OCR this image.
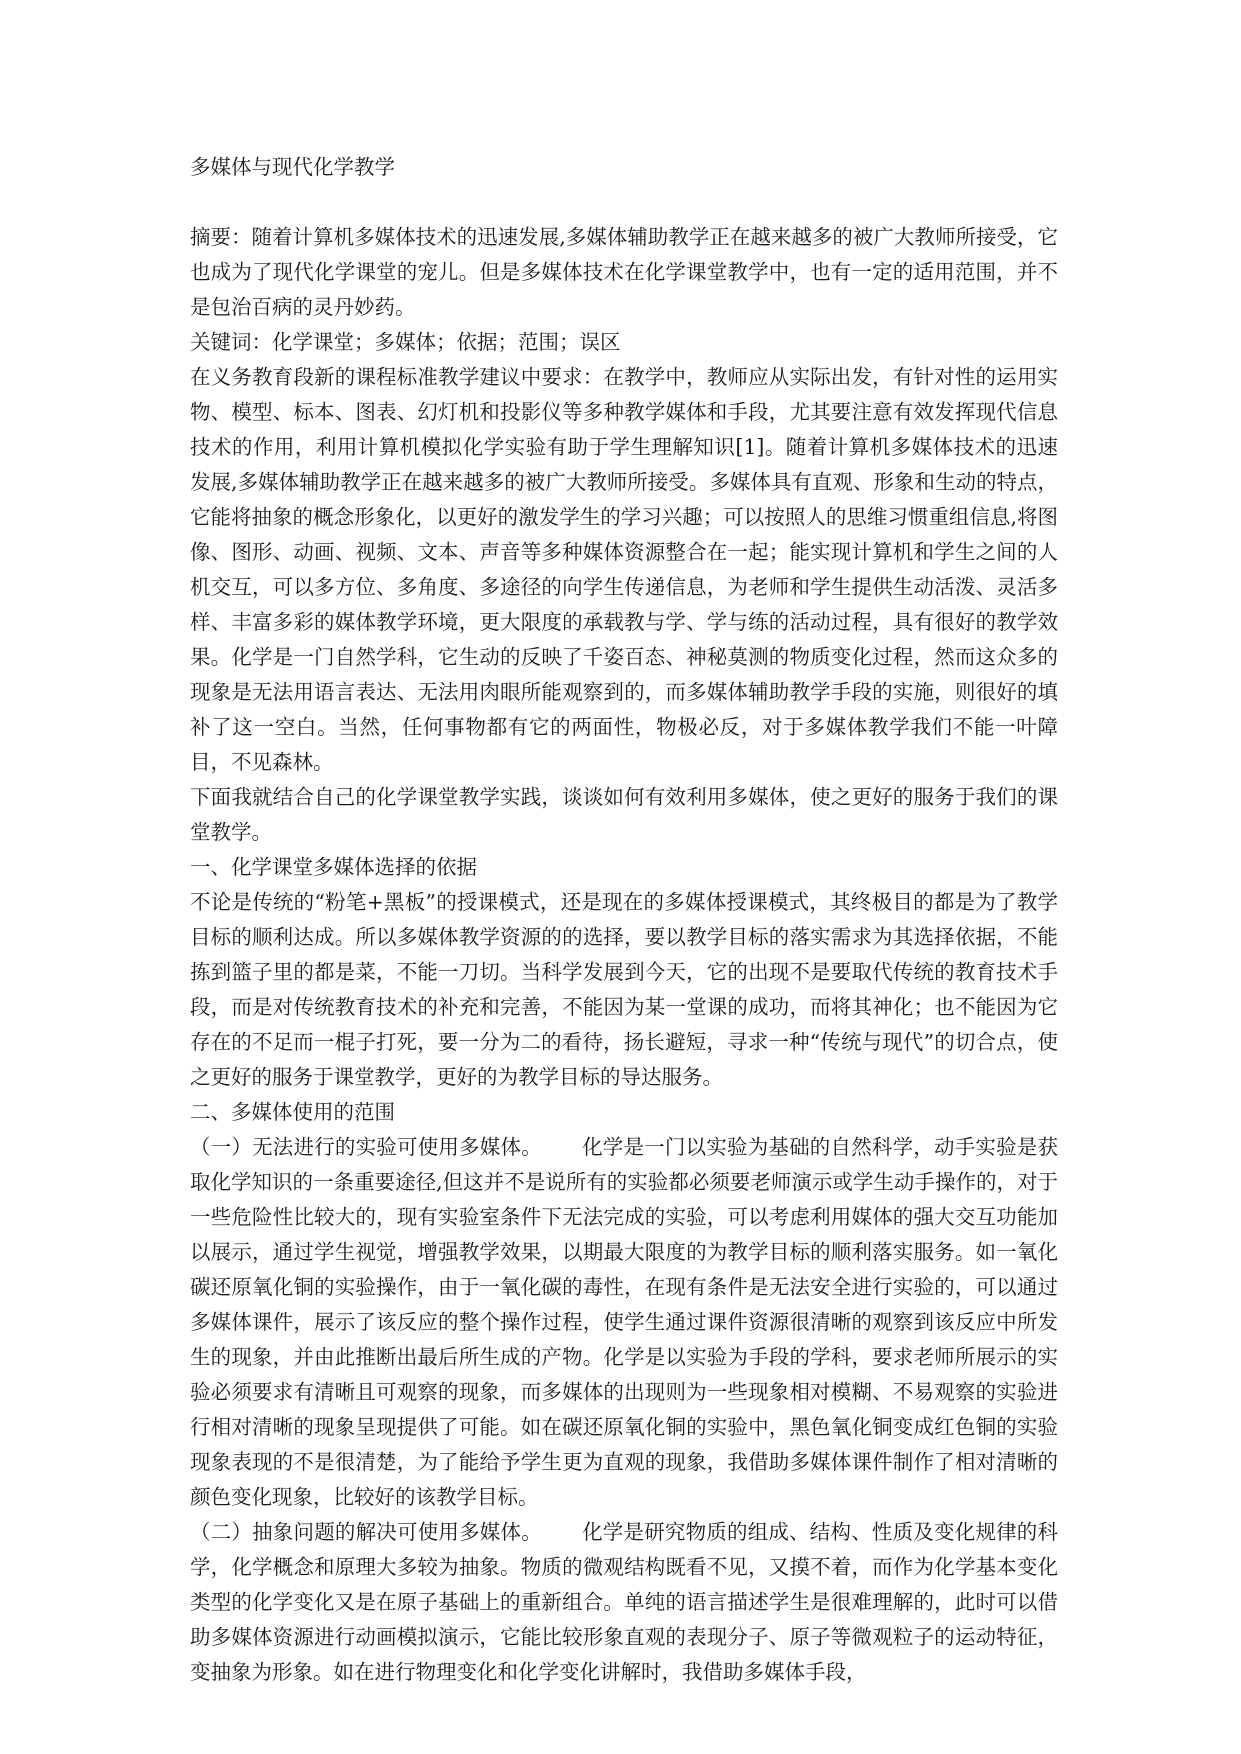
多媒体与现代化学教学

摘要：随着计算机多媒体技术的迅速发展,多媒体辅助教学正在越来越多的被广大教师所接受，它也成为了现代化学课堂的宠儿。但是多媒体技术在化学课堂教学中，也有一定的适用范围，并不是包治百病的灵丹妙药。

关键词：化学课堂；多媒体；依据；范围；误区

在义务教育段新的课程标准教学建议中要求：在教学中，教师应从实际出发，有针对性的运用实物、模型、标本、图表、幻灯机和投影仪等多种教学媒体和手段，尤其要注意有效发挥现代信息技术的作用，利用计算机模拟化学实验有助于学生理解知识[1]。随着计算机多媒体技术的迅速发展,多媒体辅助教学正在越来越多的被广大教师所接受。多媒体具有直观、形象和生动的特点，它能将抽象的概念形象化，以更好的激发学生的学习兴趣；可以按照人的思维习惯重组信息,将图像、图形、动画、视频、文本、声音等多种媒体资源整合在一起；能实现计算机和学生之间的人机交互，可以多方位、多角度、多途径的向学生传递信息，为老师和学生提供生动活泼、灵活多样、丰富多彩的媒体教学环境，更大限度的承载教与学、学与练的活动过程，具有很好的教学效果。化学是一门自然学科，它生动的反映了千姿百态、神秘莫测的物质变化过程，然而这众多的现象是无法用语言表达、无法用肉眼所能观察到的，而多媒体辅助教学手段的实施，则很好的填补了这一空白。当然，任何事物都有它的两面性，物极必反，对于多媒体教学我们不能一叶障目，不见森林。

下面我就结合自己的化学课堂教学实践，谈谈如何有效利用多媒体，使之更好的服务于我们的课堂教学。

一、化学课堂多媒体选择的依据

不论是传统的“粉笔+黑板”的授课模式，还是现在的多媒体授课模式，其终极目的都是为了教学目标的顺利达成。所以多媒体教学资源的的选择，要以教学目标的落实需求为其选择依据，不能拣到篮子里的都是菜，不能一刀切。当科学发展到今天，它的出现不是要取代传统的教育技术手段，而是对传统教育技术的补充和完善，不能因为某一堂课的成功，而将其神化；也不能因为它存在的不足而一棍子打死，要一分为二的看待，扬长避短，寻求一种“传统与现代”的切合点，使之更好的服务于课堂教学，更好的为教学目标的导达服务。

二、多媒体使用的范围

（一）无法进行的实验可使用多媒体。 化学是一门以实验为基础的自然科学，动手实验是获取化学知识的一条重要途径,但这并不是说所有的实验都必须要老师演示或学生动手操作的，对于一些危险性比较大的，现有实验室条件下无法完成的实验，可以考虑利用媒体的强大交互功能加以展示，通过学生视觉，增强教学效果，以期最大限度的为教学目标的顺利落实服务。如一氧化碳还原氧化铜的实验操作，由于一氧化碳的毒性，在现有条件是无法安全进行实验的，可以通过多媒体课件，展示了该反应的整个操作过程，使学生通过课件资源很清晰的观察到该反应中所发生的现象，并由此推断出最后所生成的产物。化学是以实验为手段的学科，要求老师所展示的实验必须要求有清晰且可观察的现象，而多媒体的出现则为一些现象相对模糊、不易观察的实验进行相对清晰的现象呈现提供了可能。如在碳还原氧化铜的实验中，黑色氧化铜变成红色铜的实验现象表现的不是很清楚，为了能给予学生更为直观的现象，我借助多媒体课件制作了相对清晰的颜色变化现象，比较好的该教学目标。

（二）抽象问题的解决可使用多媒体。 化学是研究物质的组成、结构、性质及变化规律的科学，化学概念和原理大多较为抽象。物质的微观结构既看不见，又摸不着，而作为化学基本变化类型的化学变化又是在原子基础上的重新组合。单纯的语言描述学生是很难理解的，此时可以借助多媒体资源进行动画模拟演示，它能比较形象直观的表现分子、原子等微观粒子的运动特征，变抽象为形象。如在进行物理变化和化学变化讲解时，我借助多媒体手段，
